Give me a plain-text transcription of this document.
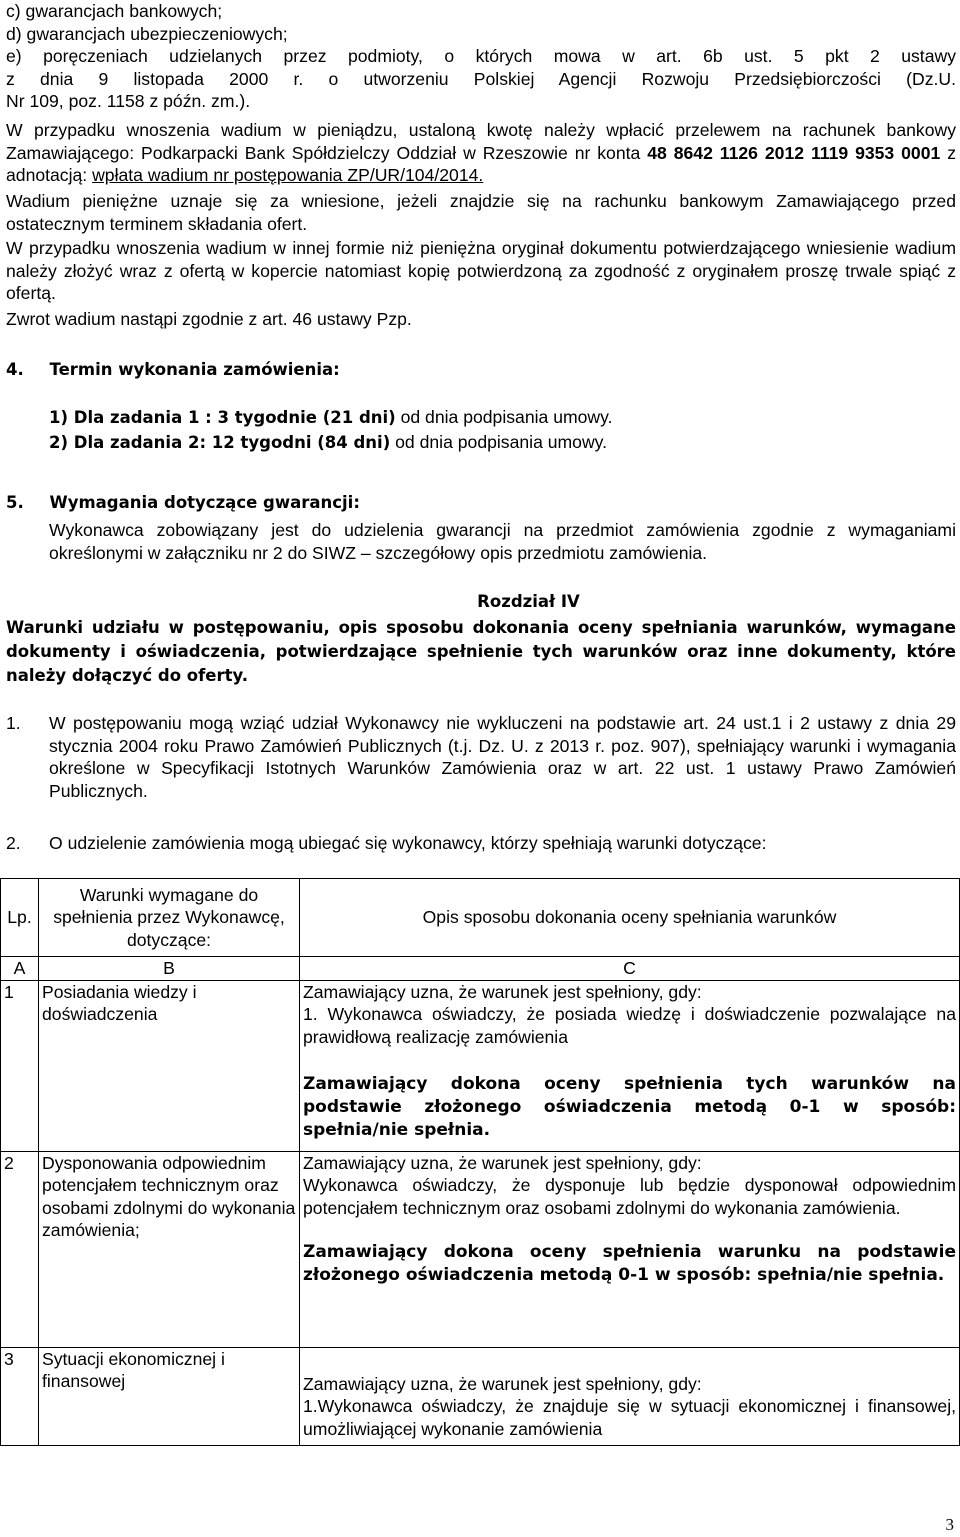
c) gwarancjach bankowych;
d) gwarancjach ubezpieczeniowych;
e) poręczeniach udzielanych przez podmioty, o których mowa w art. 6b ust. 5 pkt 2 ustawy
z dnia 9 listopada 2000 r. o utworzeniu Polskiej Agencji Rozwoju Przedsiębiorczości (Dz.U.
Nr 109, poz. 1158 z późn. zm.).
W przypadku wnoszenia wadium w pieniądzu, ustaloną kwotę należy wpłacić przelewem na rachunek bankowy Zamawiającego: Podkarpacki Bank Spółdzielczy Oddział w Rzeszowie nr konta 48 8642 1126 2012 1119 9353 0001 z adnotacją: wpłata wadium nr postępowania ZP/UR/104/2014.
Wadium pieniężne uznaje się za wniesione, jeżeli znajdzie się na rachunku bankowym Zamawiającego przed ostatecznym terminem składania ofert.
W przypadku wnoszenia wadium w innej formie niż pieniężna oryginał dokumentu potwierdzającego wniesienie wadium należy złożyć wraz z ofertą w kopercie natomiast kopię potwierdzoną za zgodność z oryginałem proszę trwale spiąć z ofertą.
Zwrot wadium nastąpi zgodnie z art. 46 ustawy Pzp.
4. Termin wykonania zamówienia:
1) Dla zadania 1 : 3 tygodnie (21 dni) od dnia podpisania umowy.
2) Dla zadania 2: 12 tygodni (84 dni) od dnia podpisania umowy.
5. Wymagania dotyczące gwarancji:
Wykonawca zobowiązany jest do udzielenia gwarancji na przedmiot zamówienia zgodnie z wymaganiami określonymi w załączniku nr 2 do SIWZ – szczegółowy opis przedmiotu zamówienia.
Rozdział IV
Warunki udziału w postępowaniu, opis sposobu dokonania oceny spełniania warunków, wymagane dokumenty i oświadczenia, potwierdzające spełnienie tych warunków oraz inne dokumenty, które należy dołączyć do oferty.
1. W postępowaniu mogą wziąć udział Wykonawcy nie wykluczeni na podstawie art. 24 ust.1 i 2 ustawy z dnia 29 stycznia 2004 roku Prawo Zamówień Publicznych (t.j. Dz. U. z 2013 r. poz. 907), spełniający warunki i wymagania określone w Specyfikacji Istotnych Warunków Zamówienia oraz w art. 22 ust. 1 ustawy Prawo Zamówień Publicznych.
2. O udzielenie zamówienia mogą ubiegać się wykonawcy, którzy spełniają warunki dotyczące:
Lp.	Warunki wymagane do spełnienia przez Wykonawcę, dotyczące:	Opis sposobu dokonania oceny spełniania warunków
A	B	C
1	Posiadania wiedzy i doświadczenia	Zamawiający uzna, że warunek jest spełniony, gdy:
1. Wykonawca oświadczy, że posiada wiedzę i doświadczenie pozwalające na prawidłową realizację zamówienia
Zamawiający dokona oceny spełnienia tych warunków na podstawie złożonego oświadczenia metodą 0-1 w sposób: spełnia/nie spełnia.

2	Dysponowania odpowiednim potencjałem technicznym oraz osobami zdolnymi do wykonania zamówienia;	Zamawiający uzna, że warunek jest spełniony, gdy:
Wykonawca oświadczy, że dysponuje lub będzie dysponował odpowiednim potencjałem technicznym oraz osobami zdolnymi do wykonania zamówienia.
Zamawiający dokona oceny spełnienia warunku na podstawie złożonego oświadczenia metodą 0-1 w sposób: spełnia/nie spełnia.

3	Sytuacji ekonomicznej i finansowej	Zamawiający uzna, że warunek jest spełniony, gdy:
1.Wykonawca oświadczy, że znajduje się w sytuacji ekonomicznej i finansowej, umożliwiającej wykonanie zamówienia
3
